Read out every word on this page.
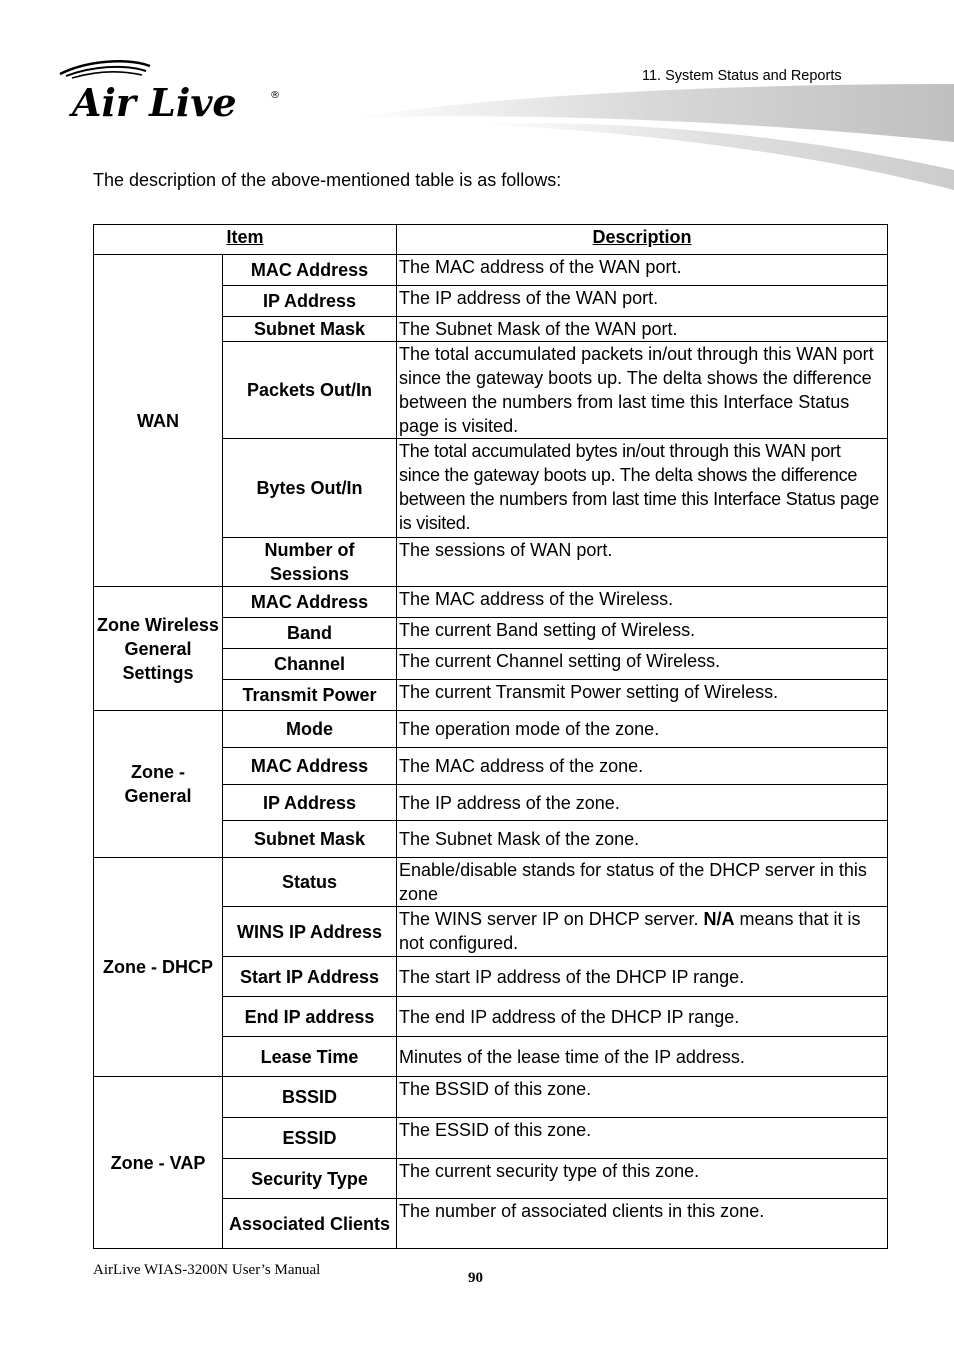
Air Live	®
11. System Status and Reports
The description of the above-mentioned table is as follows:
Item		Description
WAN	MAC Address	The MAC address of the WAN port.
	IP Address	The IP address of the WAN port.
	Subnet Mask	The Subnet Mask of the WAN port.
	Packets Out/In	The total accumulated packets in/out through this WAN port since the gateway boots up. The delta shows the difference between the numbers from last time this Interface Status page is visited.
	Bytes Out/In	The total accumulated bytes in/out through this WAN port since the gateway boots up. The delta shows the difference between the numbers from last time this Interface Status page is visited.
	Number of Sessions	The sessions of WAN port.
Zone Wireless General Settings	MAC Address	The MAC address of the Wireless.
	Band	The current Band setting of Wireless.
	Channel	The current Channel setting of Wireless.
	Transmit Power	The current Transmit Power setting of Wireless.
Zone - General	Mode	The operation mode of the zone.
	MAC Address	The MAC address of the zone.
	IP Address	The IP address of the zone.
	Subnet Mask	The Subnet Mask of the zone.
Zone - DHCP	Status	Enable/disable stands for status of the DHCP server in this zone
	WINS IP Address	The WINS server IP on DHCP server. N/A means that it is not configured.
	Start IP Address	The start IP address of the DHCP IP range.
	End IP address	The end IP address of the DHCP IP range.
	Lease Time	Minutes of the lease time of the IP address.
Zone - VAP	BSSID	The BSSID of this zone.
	ESSID	The ESSID of this zone.
	Security Type	The current security type of this zone.
	Associated Clients	The number of associated clients in this zone.
AirLive WIAS-3200N User’s Manual	90
